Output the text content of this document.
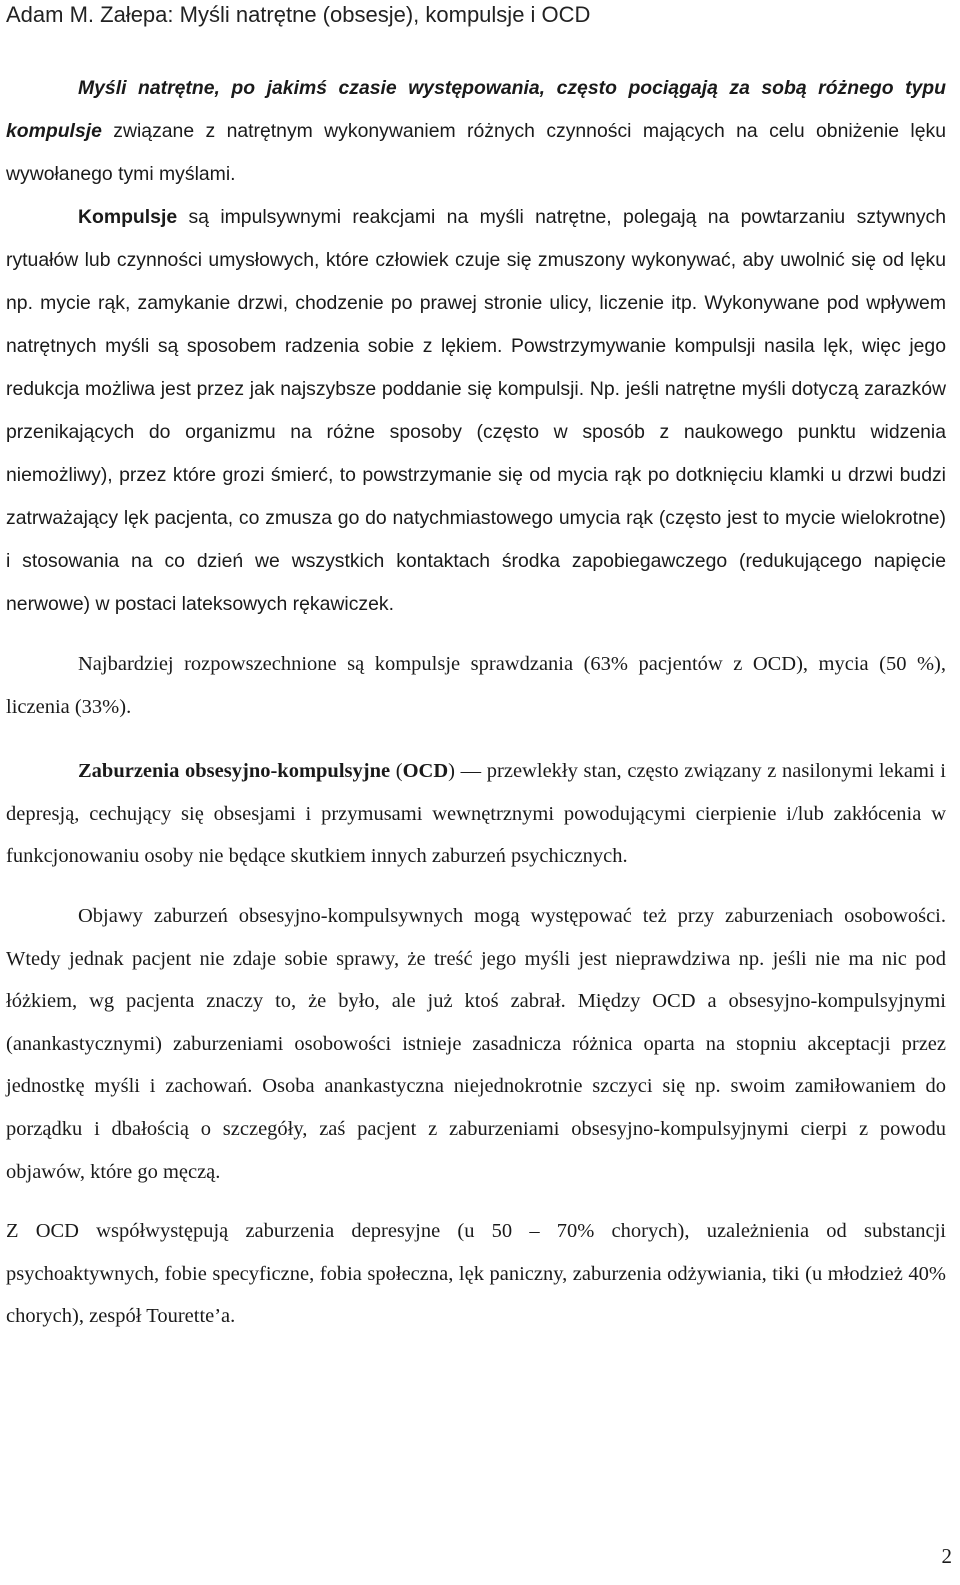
Adam M. Załepa: Myśli natrętne (obsesje), kompulsje i OCD

Myśli natrętne, po jakimś czasie występowania, często pociągają za sobą różnego typu kompulsje związane z natrętnym wykonywaniem różnych czynności mających na celu obniżenie lęku wywołanego tymi myślami.

Kompulsje są impulsywnymi reakcjami na myśli natrętne, polegają na powtarzaniu sztywnych rytuałów lub czynności umysłowych, które człowiek czuje się zmuszony wykonywać, aby uwolnić się od lęku np. mycie rąk, zamykanie drzwi, chodzenie po prawej stronie ulicy, liczenie itp. Wykonywane pod wpływem natrętnych myśli są sposobem radzenia sobie z lękiem. Powstrzymywanie kompulsji nasila lęk, więc jego redukcja możliwa jest przez jak najszybsze poddanie się kompulsji. Np. jeśli natrętne myśli dotyczą zarazków przenikających do organizmu na różne sposoby (często w sposób z naukowego punktu widzenia niemożliwy), przez które grozi śmierć, to powstrzymanie się od mycia rąk po dotknięciu klamki u drzwi budzi zatrważający lęk pacjenta, co zmusza go do natychmiastowego umycia rąk (często jest to mycie wielokrotne) i stosowania na co dzień we wszystkich kontaktach środka zapobiegawczego (redukującego napięcie nerwowe) w postaci lateksowych rękawiczek.

Najbardziej rozpowszechnione są kompulsje sprawdzania (63% pacjentów z OCD), mycia (50 %), liczenia (33%).

Zaburzenia obsesyjno-kompulsyjne (OCD) ― przewlekły stan, często związany z nasilonymi lekami i depresją, cechujący się obsesjami i przymusami wewnętrznymi powodującymi cierpienie i/lub zakłócenia w funkcjonowaniu osoby nie będące skutkiem innych zaburzeń psychicznych.

Objawy zaburzeń obsesyjno-kompulsywnych mogą występować też przy zaburzeniach osobowości. Wtedy jednak pacjent nie zdaje sobie sprawy, że treść jego myśli jest nieprawdziwa np. jeśli nie ma nic pod łóżkiem, wg pacjenta znaczy to, że było, ale już ktoś zabrał. Między OCD a obsesyjno-kompulsyjnymi (anankastycznymi) zaburzeniami osobowości istnieje zasadnicza różnica oparta na stopniu akceptacji przez jednostkę myśli i zachowań. Osoba anankastyczna niejednokrotnie szczyci się np. swoim zamiłowaniem do porządku i dbałością o szczegóły, zaś pacjent z zaburzeniami obsesyjno-kompulsyjnymi cierpi z powodu objawów, które go męczą.

Z OCD współwystępują zaburzenia depresyjne (u 50 – 70% chorych), uzależnienia od substancji psychoaktywnych, fobie specyficzne, fobia społeczna, lęk paniczny, zaburzenia odżywiania, tiki (u młodzież 40% chorych), zespół Tourette’a.

2
